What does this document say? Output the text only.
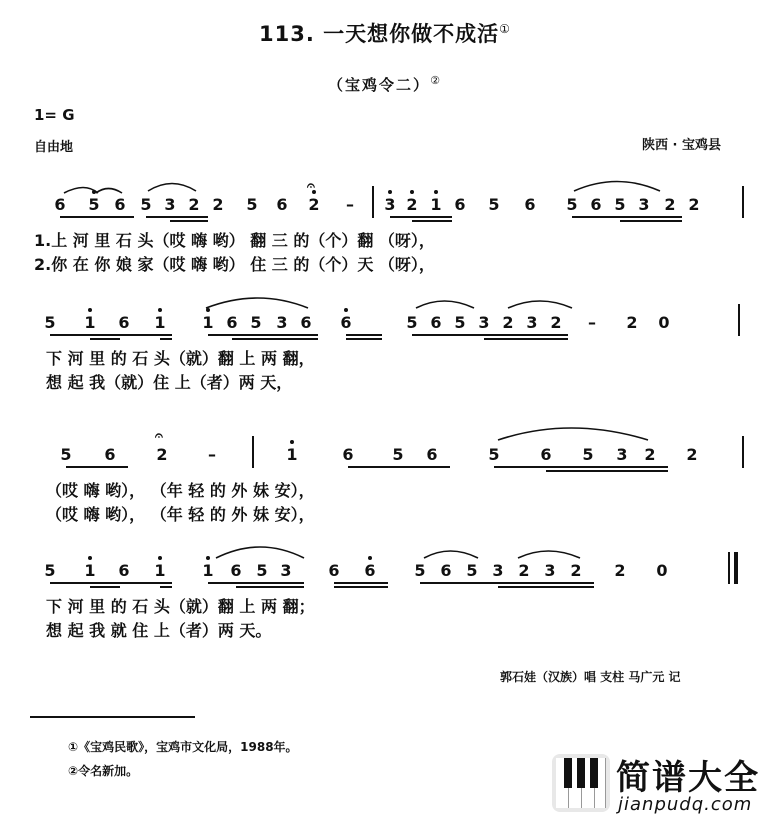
113. 一天想你做不成活①
（宝鸡令二）②
1= G
自由地	陕西 · 宝鸡县
6 5 6 5 3 2 2 5 6 2	–	3 2 1 6 5 6 5 6 5 3 2 2
5 1 6 1 1 6 5 3 6 6	5 6 5 3 2 3 2	–	2 0
5 6	2	–	1	6 5 6	5	6 5 3 2 2
5 1 6 1 1 6 5 3 6 6 5 6 5 3 2 3 2 2 0
𝄐
𝄐
1.上 河 里 石 头（哎 嗨 哟） 翻 三 的（个）翻 （呀），
2.你 在 你 娘 家（哎 嗨 哟） 住 三 的（个）天 （呀），
下 河 里 的 石 头（就）翻 上 两 翻，
想 起 我（就）住 上（者）两 天，
（哎 嗨 哟）， （年 轻 的 外 妹 安），
（哎 嗨 哟）， （年 轻 的 外 妹 安），
下 河 里 的 石 头（就）翻 上 两 翻；
想 起 我 就 住 上（者）两 天。
郭石娃（汉族）唱 支柱 马广元 记
①《宝鸡民歌》，宝鸡市文化局，1988年。
②令名新加。	简谱大全
jianpudq.com
